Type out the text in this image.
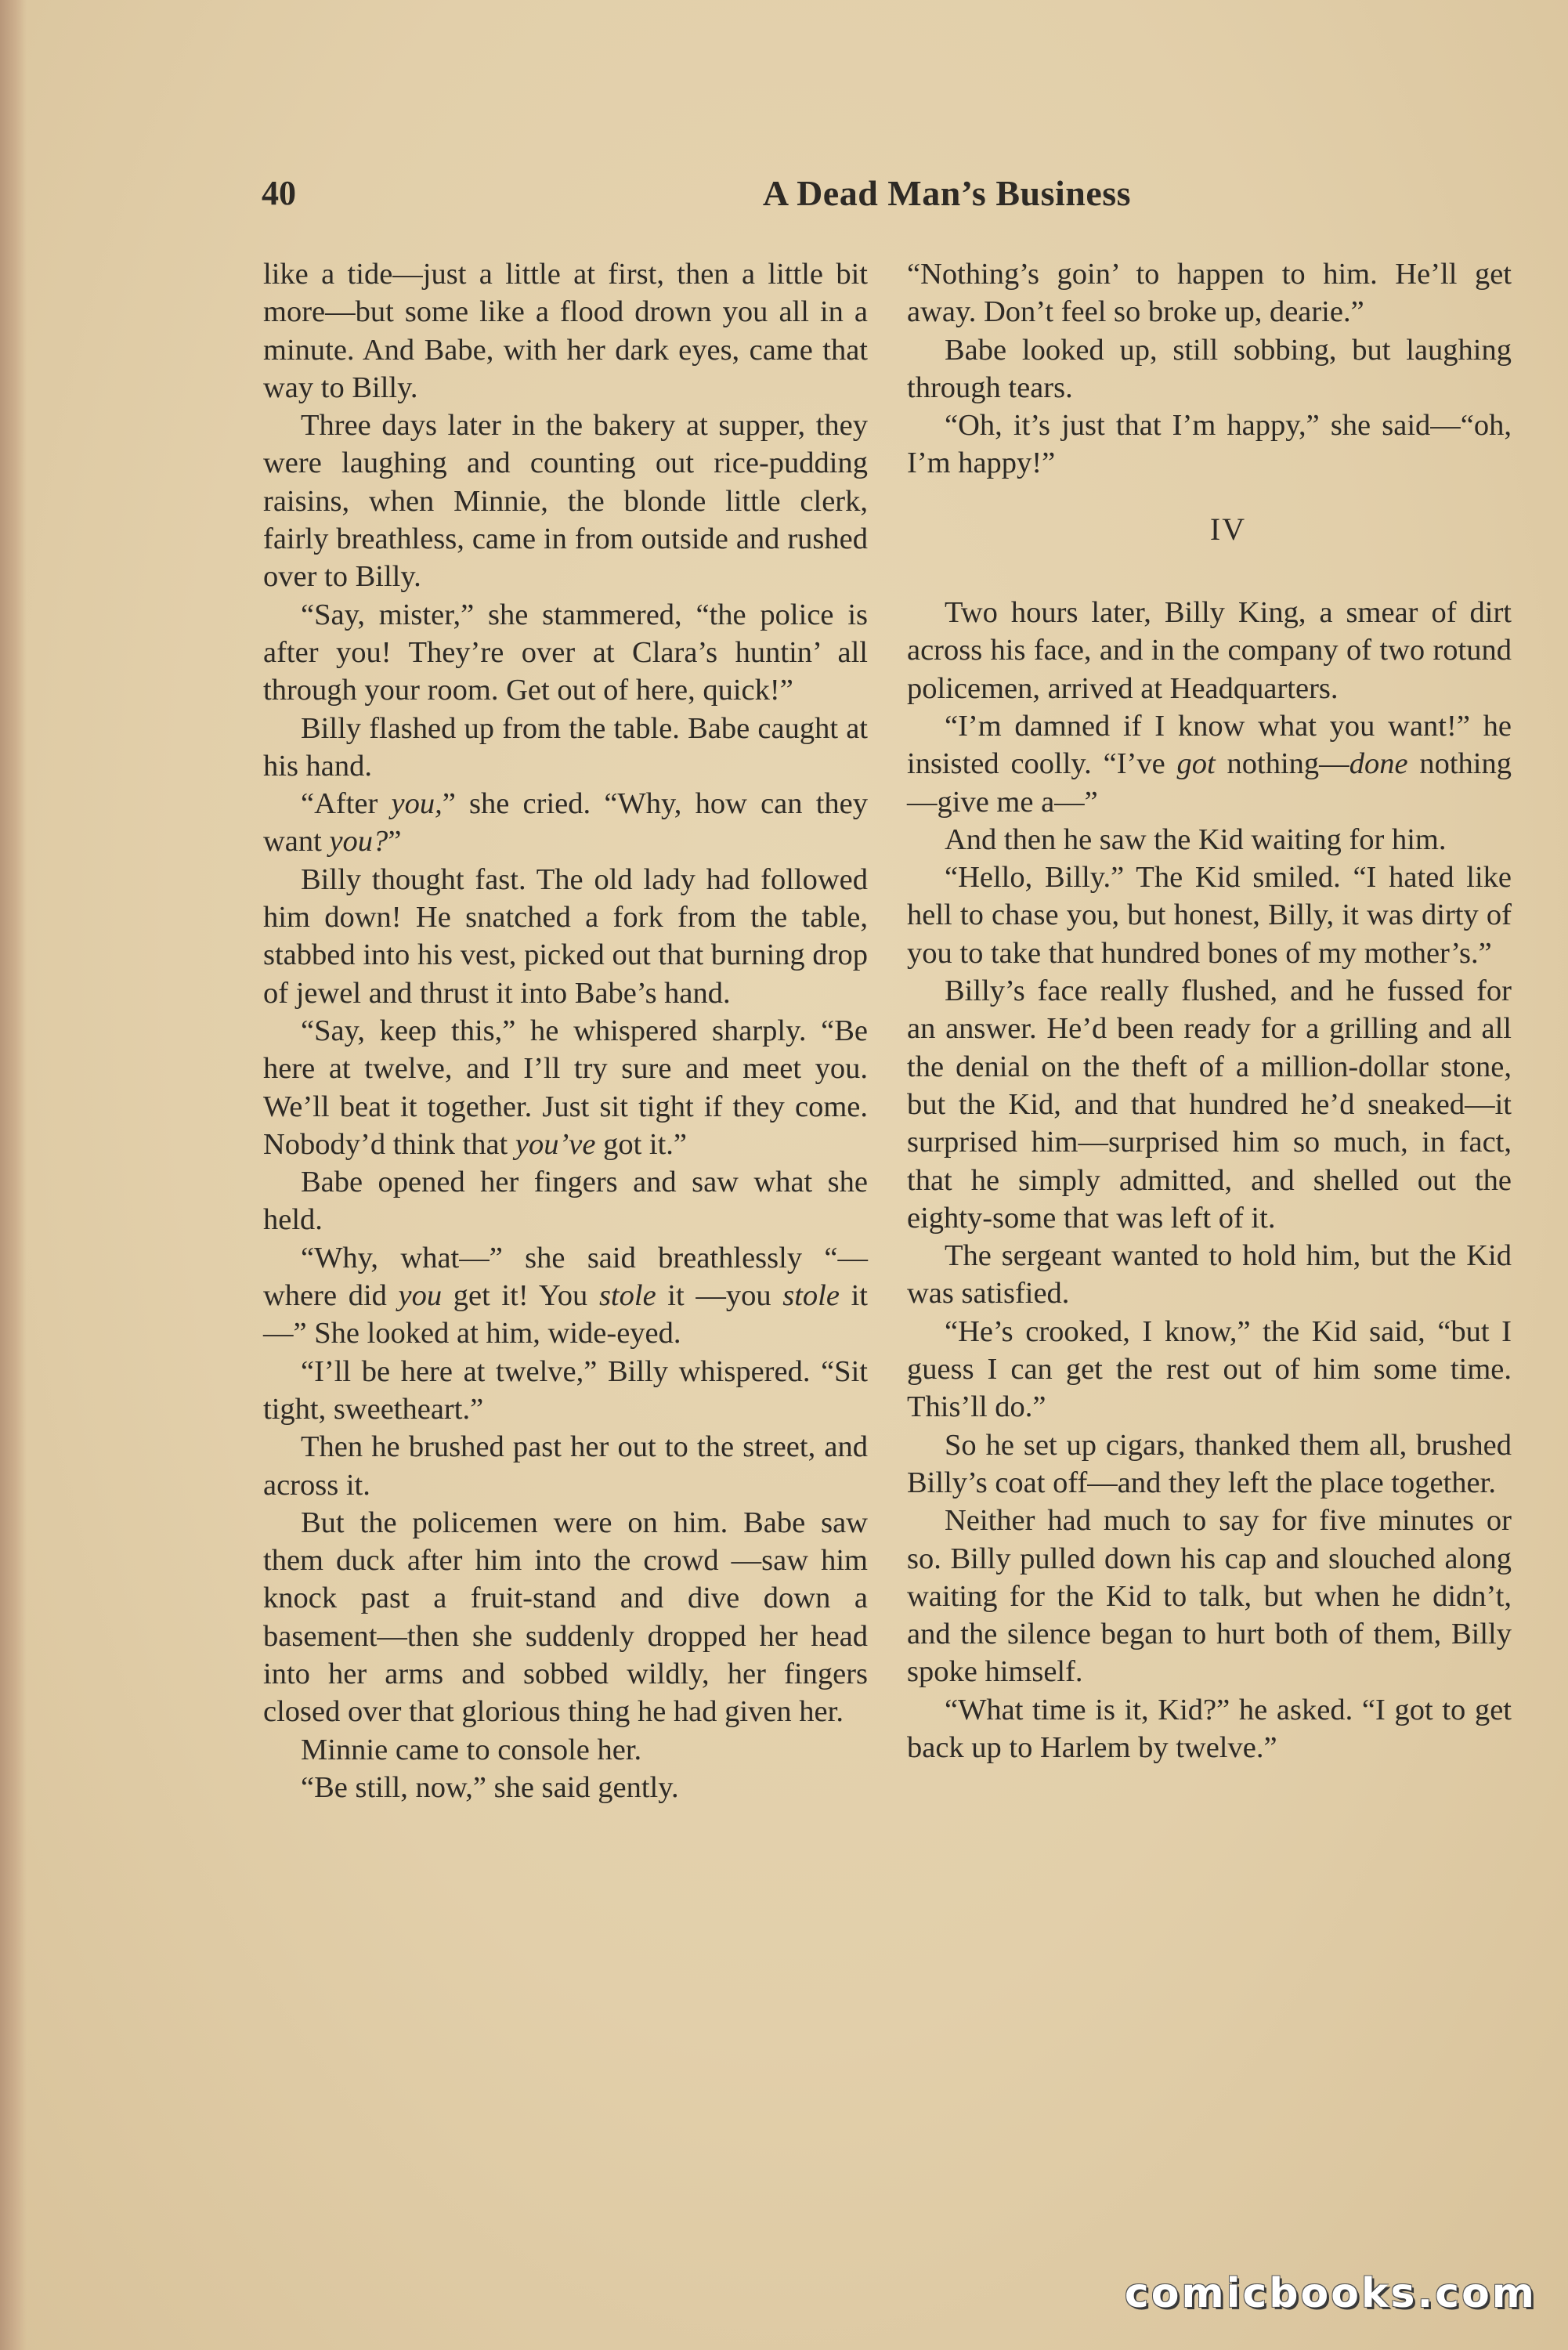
40	A Dead Man’s Business

like a tide—just a little at first, then a little bit more—but some like a flood drown you all in a minute. And Babe, with her dark eyes, came that way to Billy.

Three days later in the bakery at supper, they were laughing and counting out rice-pudding raisins, when Minnie, the blonde little clerk, fairly breathless, came in from outside and rushed over to Billy.

“Say, mister,” she stammered, “the police is after you! They’re over at Clara’s huntin’ all through your room. Get out of here, quick!”

Billy flashed up from the table. Babe caught at his hand.

“After you,” she cried. “Why, how can they want you?”

Billy thought fast. The old lady had followed him down! He snatched a fork from the table, stabbed into his vest, picked out that burning drop of jewel and thrust it into Babe’s hand.

“Say, keep this,” he whispered sharply. “Be here at twelve, and I’ll try sure and meet you. We’ll beat it together. Just sit tight if they come. Nobody’d think that you’ve got it.”

Babe opened her fingers and saw what she held.

“Why, what—” she said breathlessly “—where did you get it! You stole it —you stole it—” She looked at him, wide-eyed.

“I’ll be here at twelve,” Billy whispered. “Sit tight, sweetheart.”

Then he brushed past her out to the street, and across it.

But the policemen were on him. Babe saw them duck after him into the crowd —saw him knock past a fruit-stand and dive down a basement—then she suddenly dropped her head into her arms and sobbed wildly, her fingers closed over that glorious thing he had given her.

Minnie came to console her.

“Be still, now,” she said gently.

“Nothing’s goin’ to happen to him. He’ll get away. Don’t feel so broke up, dearie.”

Babe looked up, still sobbing, but laughing through tears.

“Oh, it’s just that I’m happy,” she said—“oh, I’m happy!”

IV

Two hours later, Billy King, a smear of dirt across his face, and in the company of two rotund policemen, arrived at Headquarters.

“I’m damned if I know what you want!” he insisted coolly. “I’ve got nothing—done nothing—give me a—”

And then he saw the Kid waiting for him.

“Hello, Billy.” The Kid smiled. “I hated like hell to chase you, but honest, Billy, it was dirty of you to take that hundred bones of my mother’s.”

Billy’s face really flushed, and he fussed for an answer. He’d been ready for a grilling and all the denial on the theft of a million-dollar stone, but the Kid, and that hundred he’d sneaked—it surprised him—surprised him so much, in fact, that he simply admitted, and shelled out the eighty-some that was left of it.

The sergeant wanted to hold him, but the Kid was satisfied.

“He’s crooked, I know,” the Kid said, “but I guess I can get the rest out of him some time. This’ll do.”

So he set up cigars, thanked them all, brushed Billy’s coat off—and they left the place together.

Neither had much to say for five minutes or so. Billy pulled down his cap and slouched along waiting for the Kid to talk, but when he didn’t, and the silence began to hurt both of them, Billy spoke himself.

“What time is it, Kid?” he asked. “I got to get back up to Harlem by twelve.”

comicbooks.com
